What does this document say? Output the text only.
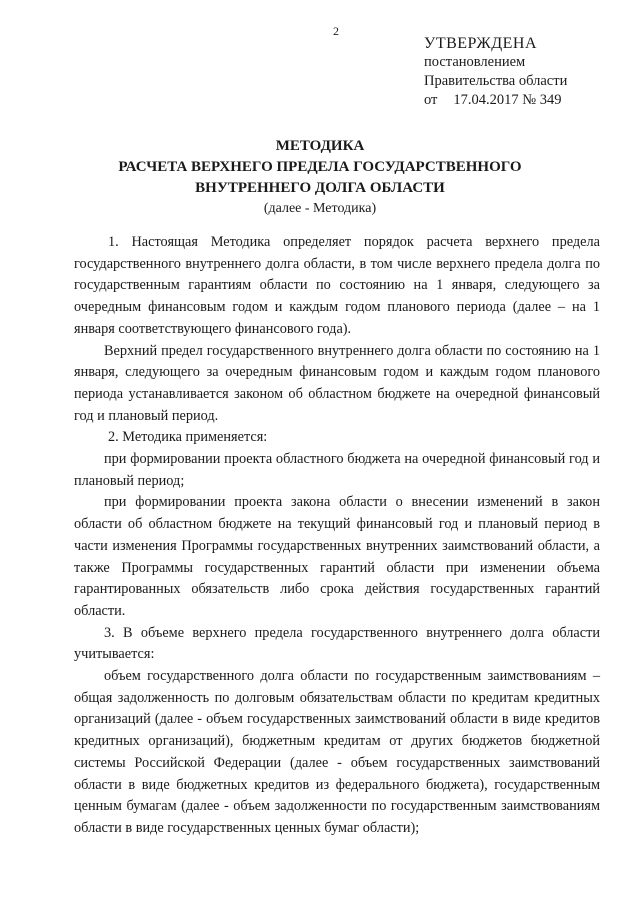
2
УТВЕРЖДЕНА
постановлением
Правительства области
от 17.04.2017 № 349

МЕТОДИКА

РАСЧЕТА ВЕРХНЕГО ПРЕДЕЛА ГОСУДАРСТВЕННОГО

ВНУТРЕННЕГО ДОЛГА ОБЛАСТИ

(далее - Методика)

1. Настоящая Методика определяет порядок расчета верхнего предела государственного внутреннего долга области, в том числе верхнего предела долга по государственным гарантиям области по состоянию на 1 января, следующего за очередным финансовым годом и каждым годом планового периода (далее – на 1 января соответствующего финансового года).

Верхний предел государственного внутреннего долга области по состоянию на 1 января, следующего за очередным финансовым годом и каждым годом планового периода устанавливается законом об областном бюджете на очередной финансовый год и плановый период.

2. Методика применяется:

при формировании проекта областного бюджета на очередной финансовый год и плановый период;

при формировании проекта закона области о внесении изменений в закон области об областном бюджете на текущий финансовый год и плановый период в части изменения Программы государственных внутренних заимствований области, а также Программы государственных гарантий области при изменении объема гарантированных обязательств либо срока действия государственных гарантий области.

3. В объеме верхнего предела государственного внутреннего долга области учитывается:

объем государственного долга области по государственным заимствованиям – общая задолженность по долговым обязательствам области по кредитам кредитных организаций (далее - объем государственных заимствований области в виде кредитов кредитных организаций), бюджетным кредитам от других бюджетов бюджетной системы Российской Федерации (далее - объем государственных заимствований области в виде бюджетных кредитов из федерального бюджета), государственным ценным бумагам (далее - объем задолженности по государственным заимствованиям области в виде государственных ценных бумаг области);
